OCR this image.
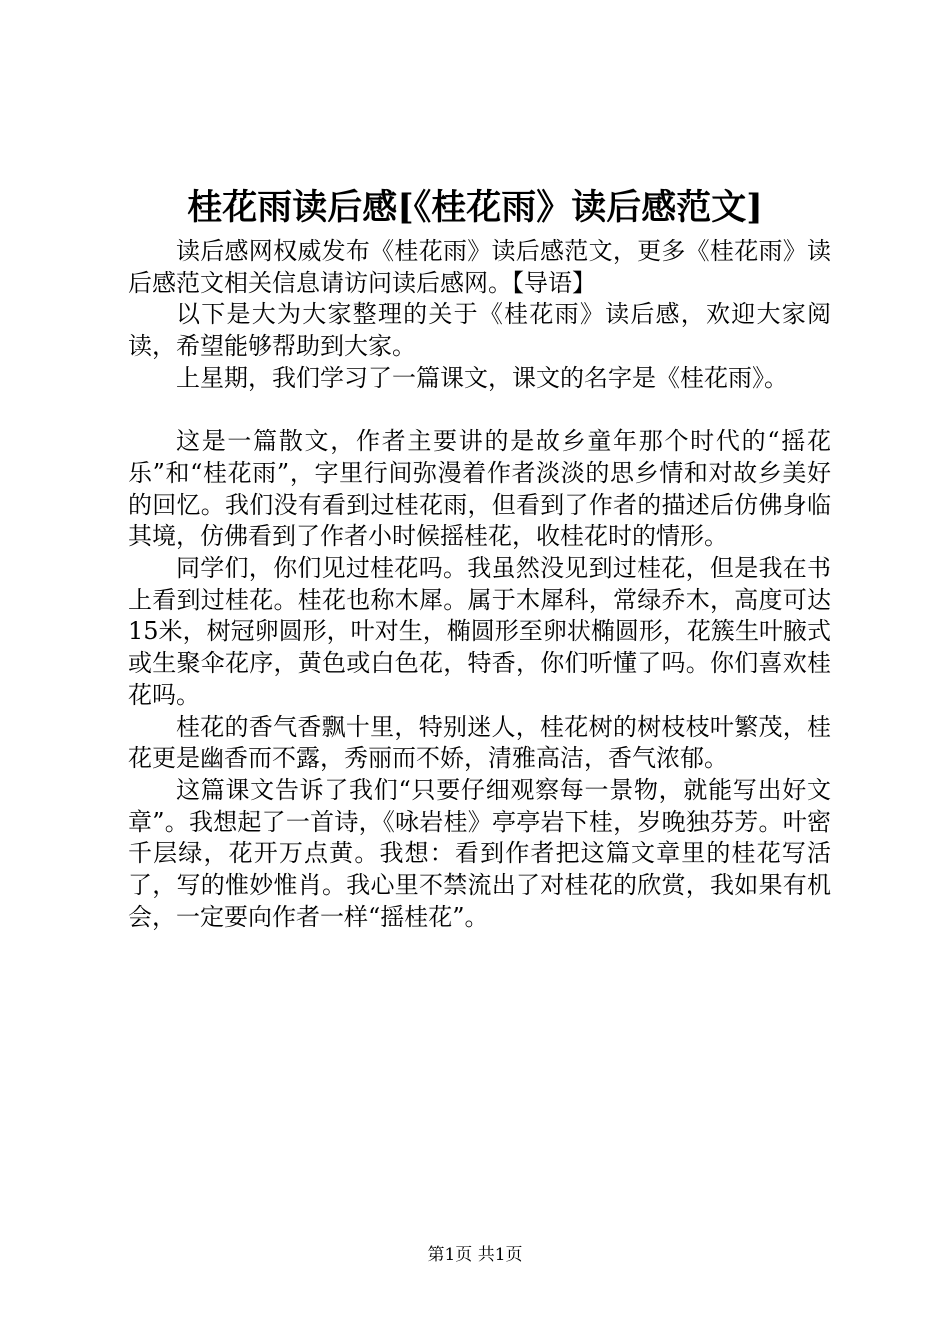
桂花雨读后感[《桂花雨》读后感范文]

读后感网权威发布《桂花雨》读后感范文，更多《桂花雨》读后感范文相关信息请访问读后感网。【导语】

以下是大为大家整理的关于《桂花雨》读后感，欢迎大家阅读，希望能够帮助到大家。

上星期，我们学习了一篇课文，课文的名字是《桂花雨》。

这是一篇散文，作者主要讲的是故乡童年那个时代的“摇花乐”和“桂花雨”，字里行间弥漫着作者淡淡的思乡情和对故乡美好的回忆。我们没有看到过桂花雨，但看到了作者的描述后仿佛身临其境，仿佛看到了作者小时候摇桂花，收桂花时的情形。

同学们，你们见过桂花吗。我虽然没见到过桂花，但是我在书上看到过桂花。桂花也称木犀。属于木犀科，常绿乔木，高度可达15米，树冠卵圆形，叶对生，椭圆形至卵状椭圆形，花簇生叶腋式或生聚伞花序，黄色或白色花，特香，你们听懂了吗。你们喜欢桂花吗。

桂花的香气香飘十里，特别迷人，桂花树的树枝枝叶繁茂，桂花更是幽香而不露，秀丽而不娇，清雅高洁，香气浓郁。

这篇课文告诉了我们“只要仔细观察每一景物，就能写出好文章”。我想起了一首诗，《咏岩桂》亭亭岩下桂，岁晚独芬芳。叶密千层绿，花开万点黄。我想：看到作者把这篇文章里的桂花写活了，写的惟妙惟肖。我心里不禁流出了对桂花的欣赏，我如果有机会，一定要向作者一样“摇桂花”。

第1页 共1页
